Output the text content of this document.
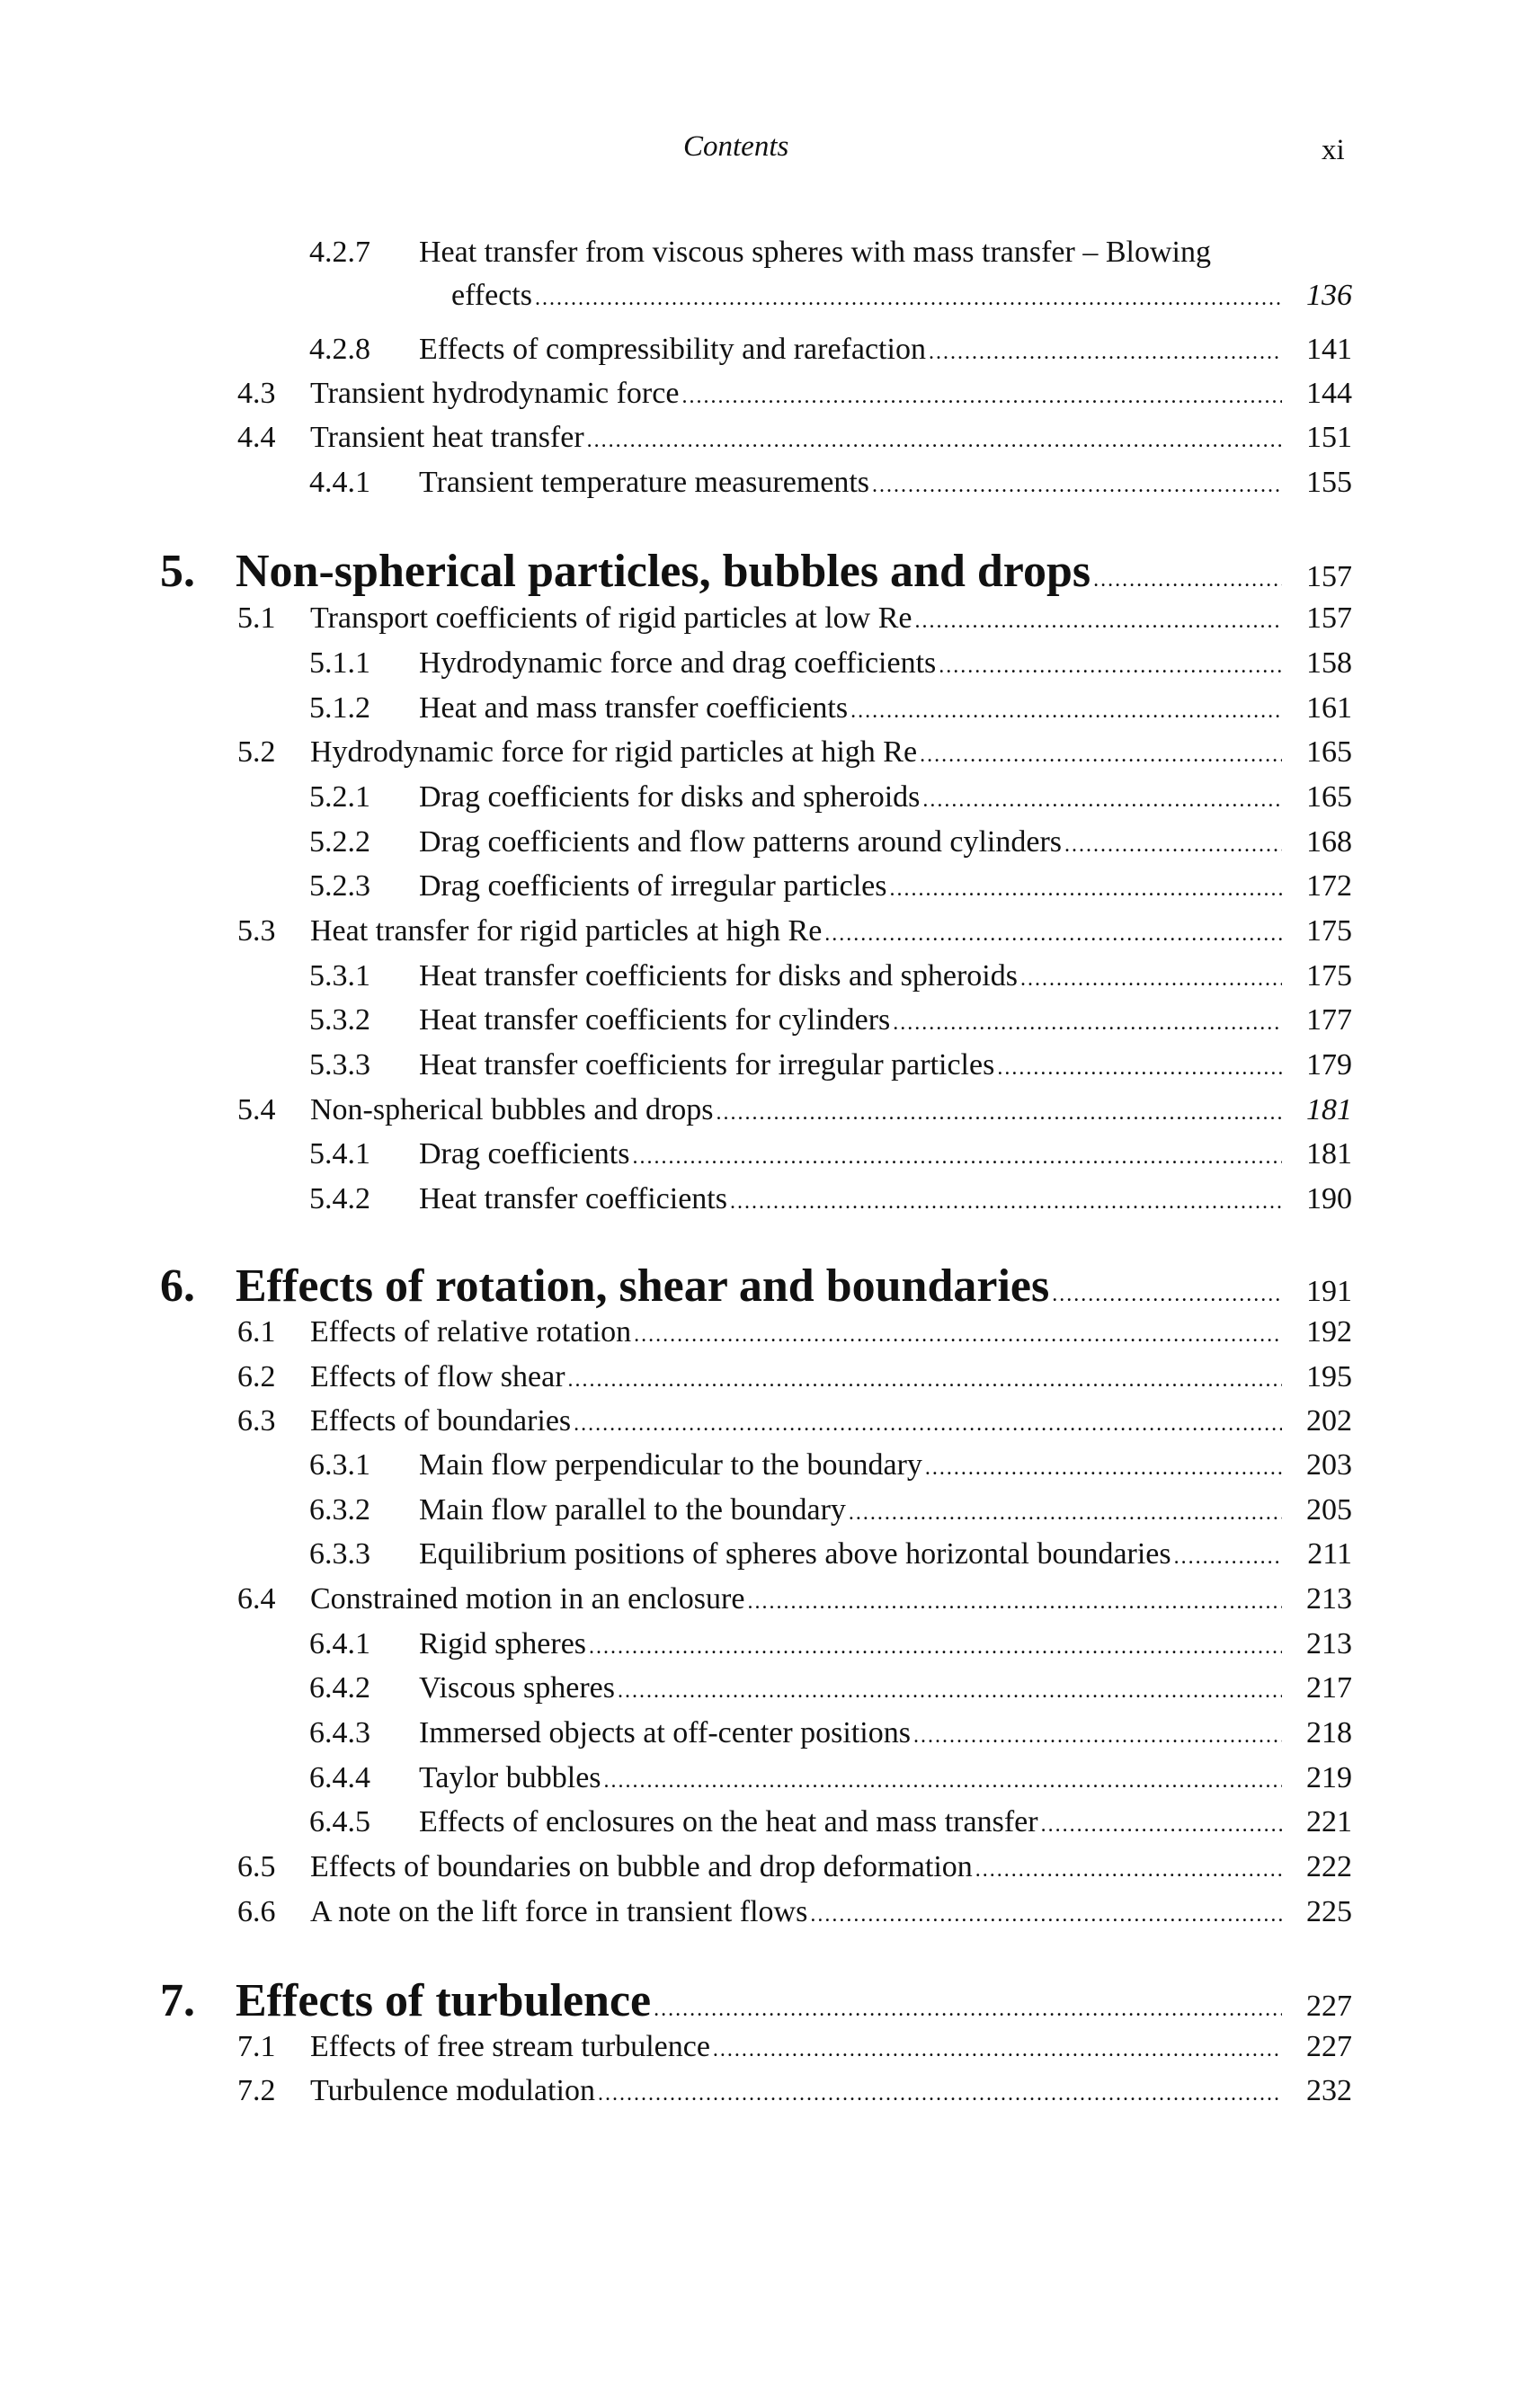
Contents	xi
4.2.7 Heat transfer from viscous spheres with mass transfer – Blowing
effects .....	136
4.2.8 Effects of compressibility and rarefaction .....	141
4.3 Transient hydrodynamic force .....	144
4.4 Transient heat transfer .....	151
4.4.1 Transient temperature measurements .....	155
5. Non-spherical particles, bubbles and drops .....	157
5.1 Transport coefficients of rigid particles at low Re .....	157
5.1.1 Hydrodynamic force and drag coefficients .....	158
5.1.2 Heat and mass transfer coefficients .....	161
5.2 Hydrodynamic force for rigid particles at high Re .....	165
5.2.1 Drag coefficients for disks and spheroids .....	165
5.2.2 Drag coefficients and flow patterns around cylinders .....	168
5.2.3 Drag coefficients of irregular particles .....	172
5.3 Heat transfer for rigid particles at high Re .....	175
5.3.1 Heat transfer coefficients for disks and spheroids .....	175
5.3.2 Heat transfer coefficients for cylinders .....	177
5.3.3 Heat transfer coefficients for irregular particles .....	179
5.4 Non-spherical bubbles and drops .....	181
5.4.1 Drag coefficients .....	181
5.4.2 Heat transfer coefficients .....	190
6. Effects of rotation, shear and boundaries .....	191
6.1 Effects of relative rotation .....	192
6.2 Effects of flow shear .....	195
6.3 Effects of boundaries .....	202
6.3.1 Main flow perpendicular to the boundary .....	203
6.3.2 Main flow parallel to the boundary .....	205
6.3.3 Equilibrium positions of spheres above horizontal boundaries .....	211
6.4 Constrained motion in an enclosure .....	213
6.4.1 Rigid spheres .....	213
6.4.2 Viscous spheres .....	217
6.4.3 Immersed objects at off-center positions .....	218
6.4.4 Taylor bubbles .....	219
6.4.5 Effects of enclosures on the heat and mass transfer .....	221
6.5 Effects of boundaries on bubble and drop deformation .....	222
6.6 A note on the lift force in transient flows .....	225
7. Effects of turbulence .....	227
7.1 Effects of free stream turbulence .....	227
7.2 Turbulence modulation .....	232
